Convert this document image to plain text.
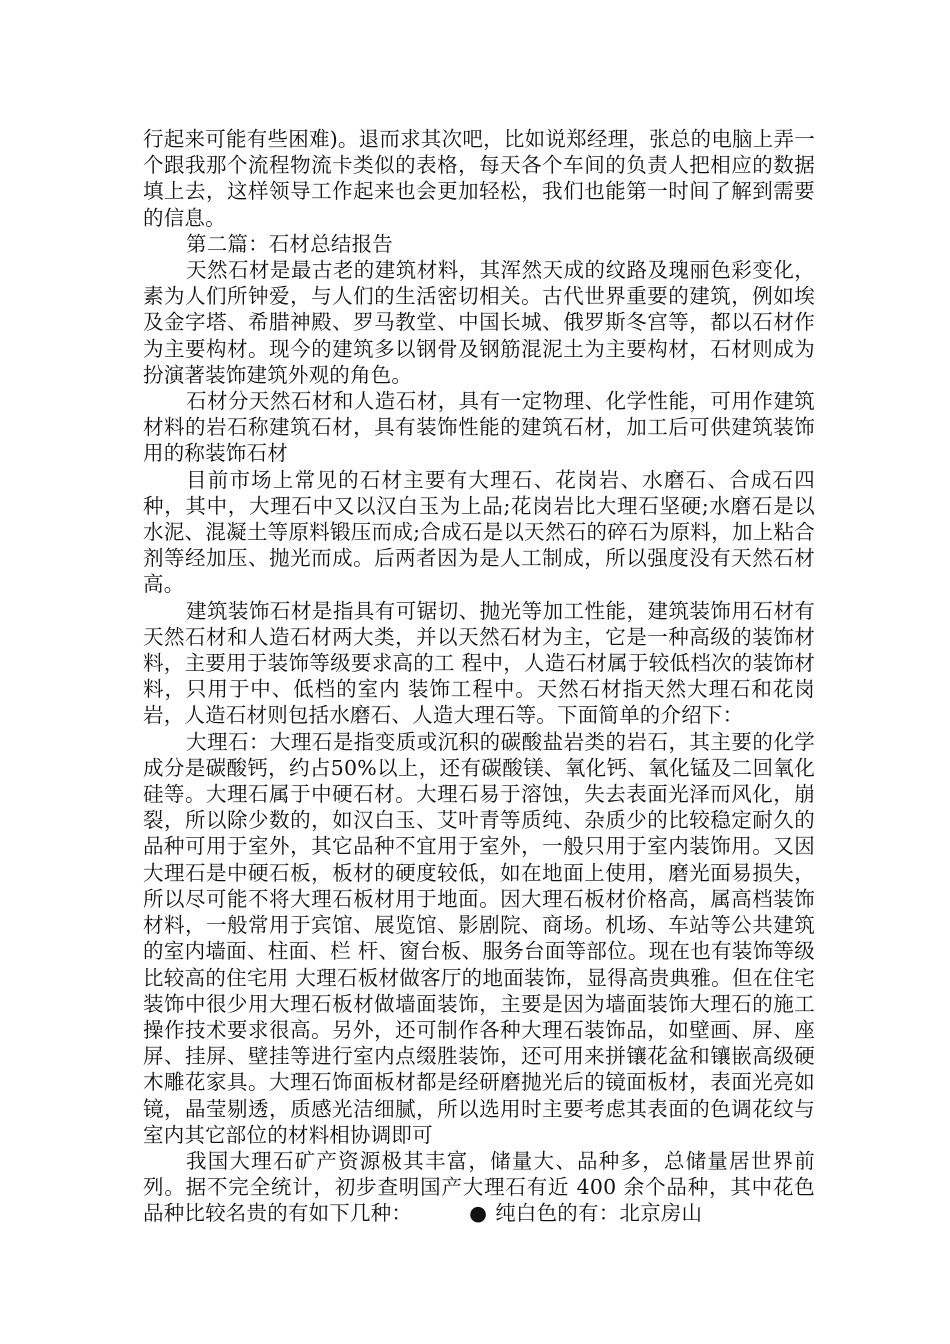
行起来可能有些困难)。退而求其次吧，比如说郑经理，张总的电脑上弄一个跟我那个流程物流卡类似的表格，每天各个车间的负责人把相应的数据填上去，这样领导工作起来也会更加轻松，我们也能第一时间了解到需要的信息。

第二篇：石材总结报告

天然石材是最古老的建筑材料，其浑然天成的纹路及瑰丽色彩变化，素为人们所钟爱，与人们的生活密切相关。古代世界重要的建筑，例如埃及金字塔、希腊神殿、罗马教堂、中国长城、俄罗斯冬宫等，都以石材作为主要构材。现今的建筑多以钢骨及钢筋混泥土为主要构材，石材则成为扮演著装饰建筑外观的角色。

石材分天然石材和人造石材，具有一定物理、化学性能，可用作建筑材料的岩石称建筑石材，具有装饰性能的建筑石材，加工后可供建筑装饰用的称装饰石材

目前市场上常见的石材主要有大理石、花岗岩、水磨石、合成石四种，其中，大理石中又以汉白玉为上品;花岗岩比大理石坚硬;水磨石是以水泥、混凝土等原料锻压而成;合成石是以天然石的碎石为原料，加上粘合剂等经加压、抛光而成。后两者因为是人工制成，所以强度没有天然石材高。

建筑装饰石材是指具有可锯切、抛光等加工性能，建筑装饰用石材有天然石材和人造石材两大类，并以天然石材为主，它是一种高级的装饰材料，主要用于装饰等级要求高的工 程中，人造石材属于较低档次的装饰材料，只用于中、低档的室内 装饰工程中。天然石材指天然大理石和花岗岩，人造石材则包括水磨石、人造大理石等。下面简单的介绍下：

大理石：大理石是指变质或沉积的碳酸盐岩类的岩石，其主要的化学成分是碳酸钙，约占50%以上，还有碳酸镁、氧化钙、氧化锰及二回氧化硅等。大理石属于中硬石材。大理石易于溶蚀，失去表面光泽而风化，崩裂，所以除少数的，如汉白玉、艾叶青等质纯、杂质少的比较稳定耐久的品种可用于室外，其它品种不宜用于室外，一般只用于室内装饰用。又因大理石是中硬石板，板材的硬度较低，如在地面上使用，磨光面易损失，所以尽可能不将大理石板材用于地面。因大理石板材价格高，属高档装饰材料，一般常用于宾馆、展览馆、影剧院、商场。机场、车站等公共建筑的室内墙面、柱面、栏 杆、窗台板、服务台面等部位。现在也有装饰等级比较高的住宅用 大理石板材做客厅的地面装饰，显得高贵典雅。但在住宅装饰中很少用大理石板材做墙面装饰，主要是因为墙面装饰大理石的施工操作技术要求很高。另外，还可制作各种大理石装饰品，如壁画、屏、座屏、挂屏、壁挂等进行室内点缀胜装饰，还可用来拼镶花盆和镶嵌高级硬木雕花家具。大理石饰面板材都是经研磨抛光后的镜面板材，表面光亮如镜，晶莹剔透，质感光洁细腻，所以选用时主要考虑其表面的色调花纹与室内其它部位的材料相协调即可

我国大理石矿产资源极其丰富，储量大、品种多，总储量居世界前列。据不完全统计，初步查明国产大理石有近 400 余个品种，其中花色品种比较名贵的有如下几种：	● 纯白色的有：北京房山
